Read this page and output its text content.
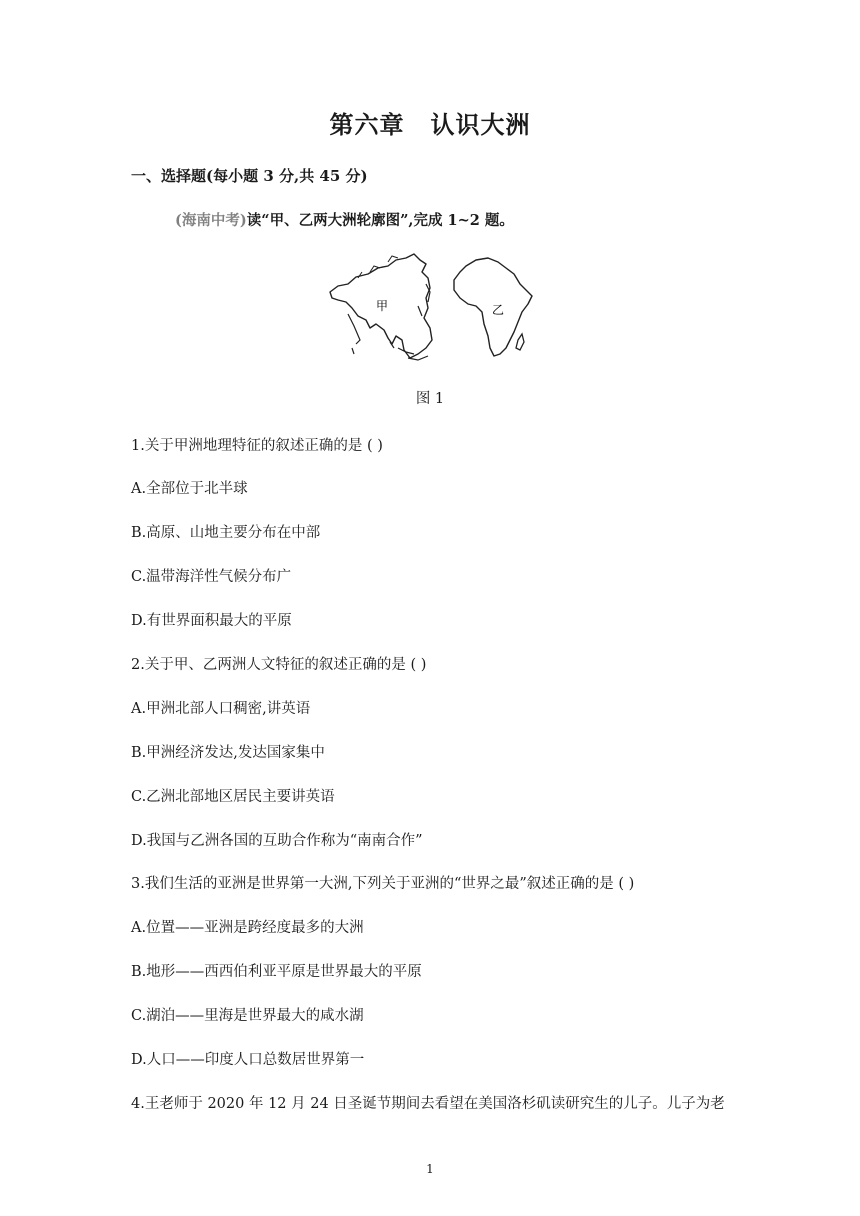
第六章 认识大洲
一、选择题(每小题 3 分,共 45 分)
(海南中考)读“甲、乙两大洲轮廓图”,完成 1~2 题。
甲	乙
图 1
1.关于甲洲地理特征的叙述正确的是 ( )
A.全部位于北半球
B.高原、山地主要分布在中部
C.温带海洋性气候分布广
D.有世界面积最大的平原
2.关于甲、乙两洲人文特征的叙述正确的是 ( )
A.甲洲北部人口稠密,讲英语
B.甲洲经济发达,发达国家集中
C.乙洲北部地区居民主要讲英语
D.我国与乙洲各国的互助合作称为“南南合作”
3.我们生活的亚洲是世界第一大洲,下列关于亚洲的“世界之最”叙述正确的是 ( )
A.位置——亚洲是跨经度最多的大洲
B.地形——西西伯利亚平原是世界最大的平原
C.湖泊——里海是世界最大的咸水湖
D.人口——印度人口总数居世界第一
4.王老师于 2020 年 12 月 24 日圣诞节期间去看望在美国洛杉矶读研究生的儿子。儿子为老
1
